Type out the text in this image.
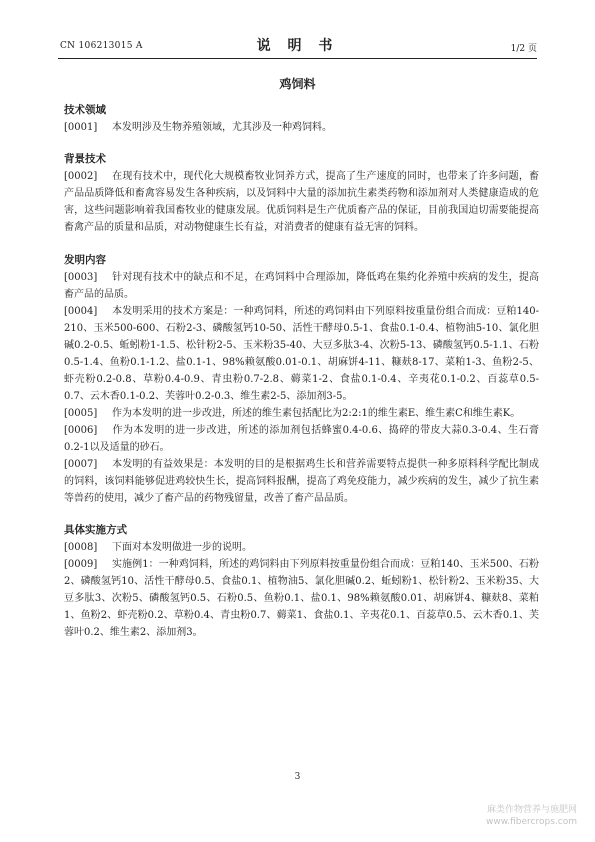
CN 106213015 A	说 明 书	1/2 页
鸡饲料
技术领域

[0001] 本发明涉及生物养殖领域，尤其涉及一种鸡饲料。

背景技术

[0002] 在现有技术中，现代化大规模畜牧业饲养方式，提高了生产速度的同时，也带来了许多问题，畜产品品质降低和畜禽容易发生各种疾病，以及饲料中大量的添加抗生素类药物和添加剂对人类健康造成的危害，这些问题影响着我国畜牧业的健康发展。优质饲料是生产优质畜产品的保证，目前我国迫切需要能提高畜禽产品的质量和品质，对动物健康生长有益，对消费者的健康有益无害的饲料。

发明内容

[0003] 针对现有技术中的缺点和不足，在鸡饲料中合理添加，降低鸡在集约化养殖中疾病的发生，提高畜产品的品质。

[0004] 本发明采用的技术方案是：一种鸡饲料，所述的鸡饲料由下列原料按重量份组合而成：豆粕140-210、玉米500-600、石粉2-3、磷酸氢钙10-50、活性干酵母0.5-1、食盐0.1-0.4、植物油5-10、氯化胆碱0.2-0.5、蚯蚓粉1-1.5、松针粉2-5、玉米粉35-40、大豆多肽3-4、次粉5-13、磷酸氢钙0.5-1.1、石粉0.5-1.4、鱼粉0.1-1.2、盐0.1-1、98%赖氨酸0.01-0.1、胡麻饼4-11、糠麸8-17、菜粕1-3、鱼粉2-5、虾壳粉0.2-0.8、草粉0.4-0.9、青虫粉0.7-2.8、薅菜1-2、食盐0.1-0.4、辛夷花0.1-0.2、百蕊草0.5-0.7、云木香0.1-0.2、芙蓉叶0.2-0.3、维生素2-5、添加剂3-5。

[0005] 作为本发明的进一步改进，所述的维生素包括配比为2:2:1的维生素E、维生素C和维生素K。

[0006] 作为本发明的进一步改进，所述的添加剂包括蜂蜜0.4-0.6、捣碎的带皮大蒜0.3-0.4、生石膏0.2-1以及适量的砂石。

[0007] 本发明的有益效果是：本发明的目的是根据鸡生长和营养需要特点提供一种多原料科学配比制成的饲料，该饲料能够促进鸡较快生长，提高饲料报酬，提高了鸡免疫能力，减少疾病的发生，减少了抗生素等兽药的使用，减少了畜产品的药物残留量，改善了畜产品品质。

具体实施方式

[0008] 下面对本发明做进一步的说明。

[0009] 实施例1：一种鸡饲料，所述的鸡饲料由下列原料按重量份组合而成：豆粕140、玉米500、石粉2、磷酸氢钙10、活性干酵母0.5、食盐0.1、植物油5、氯化胆碱0.2、蚯蚓粉1、松针粉2、玉米粉35、大豆多肽3、次粉5、磷酸氢钙0.5、石粉0.5、鱼粉0.1、盐0.1、98%赖氨酸0.01、胡麻饼4、糠麸8、菜粕1、鱼粉2、虾壳粉0.2、草粉0.4、青虫粉0.7、薅菜1、食盐0.1、辛夷花0.1、百蕊草0.5、云木香0.1、芙蓉叶0.2、维生素2、添加剂3。

3
麻类作物营养与施肥网
www.fibercrops.com
